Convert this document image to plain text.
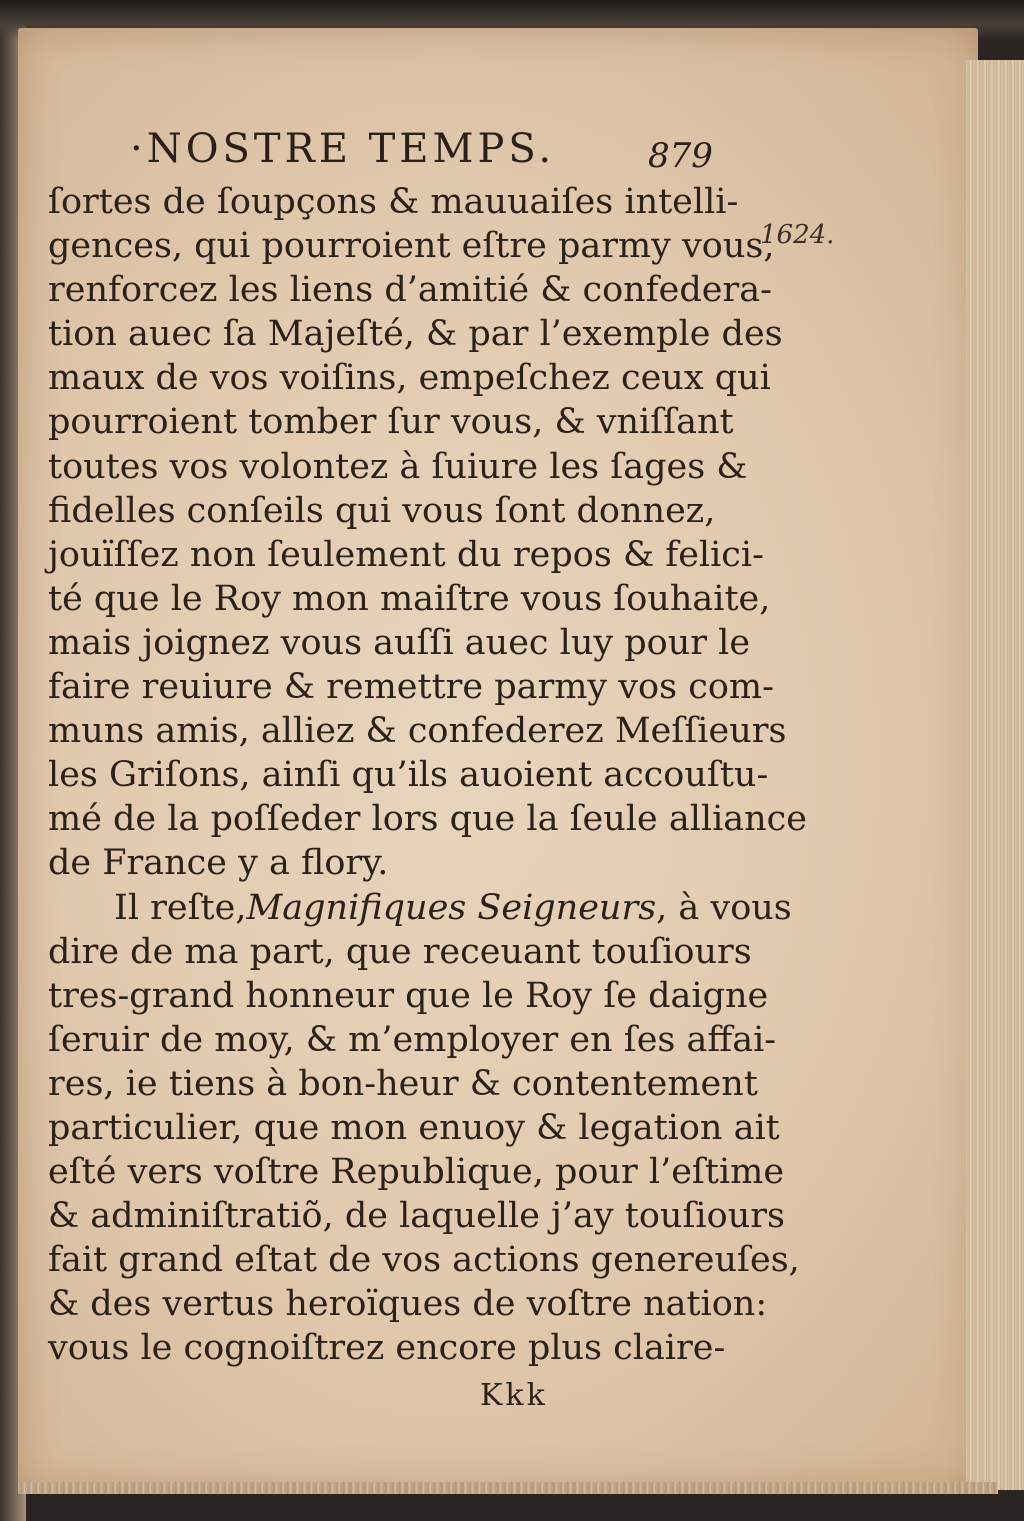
·NOSTRE TEMPS.	879
1624.
ſortes de ſoupçons & mauuaiſes intelli-
gences, qui pourroient eſtre parmy vous,
renforcez les liens d’amitié & confedera-
tion auec ſa Majeſté, & par l’exemple des
maux de vos voiſins, empeſchez ceux qui
pourroient tomber ſur vous, & vniſſant
toutes vos volontez à ſuiure les ſages &
fidelles conſeils qui vous ſont donnez,
jouïſſez non ſeulement du repos & felici-
té que le Roy mon maiſtre vous ſouhaite,
mais joignez vous auſſi auec luy pour le
faire reuiure & remettre parmy vos com-
muns amis, alliez & confederez Meſſieurs
les Griſons, ainſi qu’ils auoient accouſtu-
mé de la poſſeder lors que la ſeule alliance
de France y a flory.
Il reſte,Magnifiques Seigneurs, à vous
dire de ma part, que receuant touſiours
tres-grand honneur que le Roy ſe daigne
ſeruir de moy, & m’employer en ſes affai-
res, ie tiens à bon-heur & contentement
particulier, que mon enuoy & legation ait
eſté vers voſtre Republique, pour l’eſtime
& adminiſtratiõ, de laquelle j’ay touſiours
fait grand eſtat de vos actions genereuſes,
& des vertus heroïques de voſtre nation:
vous le cognoiſtrez encore plus claire-
Kkk
